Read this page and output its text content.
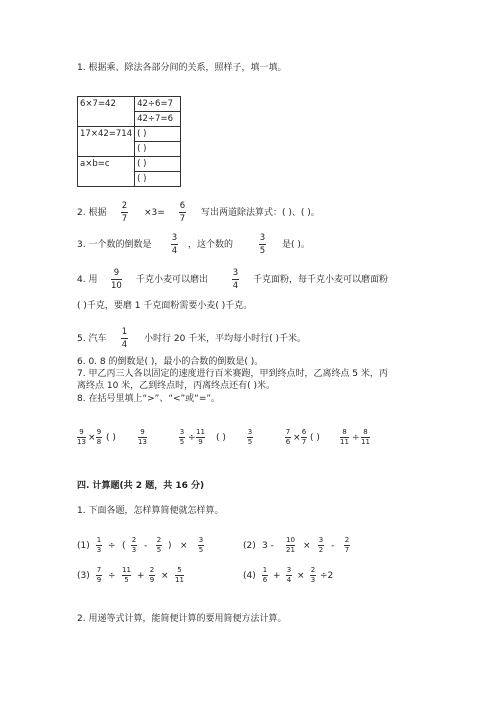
1. 根据乘、除法各部分间的关系，照样子，填一填。
6×7=42	42÷6=7
	42÷7=6
17×42=714	( )
	( )
a×b=c	( )
	( )
2. 根据
2
7
×3=
6
7
写出两道除法算式：( )、( )。
3. 一个数的倒数是
3
4
，这个数的
3
5
是( )。
4. 用
9
10
千克小麦可以磨出
3
4
千克面粉，每千克小麦可以磨面粉
( )千克，要磨 1 千克面粉需要小麦( )千克。
5. 汽车
1
4
小时行 20 千米，平均每小时行( )千米。
6. 0. 8 的倒数是( )，最小的合数的倒数是( )。
7. 甲乙丙三人各以固定的速度进行百米赛跑，甲到终点时，乙离终点 5 米，丙
离终点 10 米，乙到终点时，丙离终点还有( )米。
8. 在括号里填上“>”、“<”或“=”。
9
13 ×
9
8 ( )
9
13
3
5 ÷
11
9 ( )
3
5
7
6 ×
6
7 ( )
8
11 ÷
8
11
四. 计算题(共 2 题，共 16 分)
1. 下面各题，怎样算简便就怎样算。
(1)
1
3 ÷ (
2
3 -
2
5 ) ×
3
5	(2) 3 -
10
21 ×
3
2 -
2
7
(3)
7
9 ÷
11
5 +
2
9 ×
5
11	(4)
1
6 +
3
4 ×
2
3 ÷2
2. 用递等式计算，能简便计算的要用简便方法计算。
